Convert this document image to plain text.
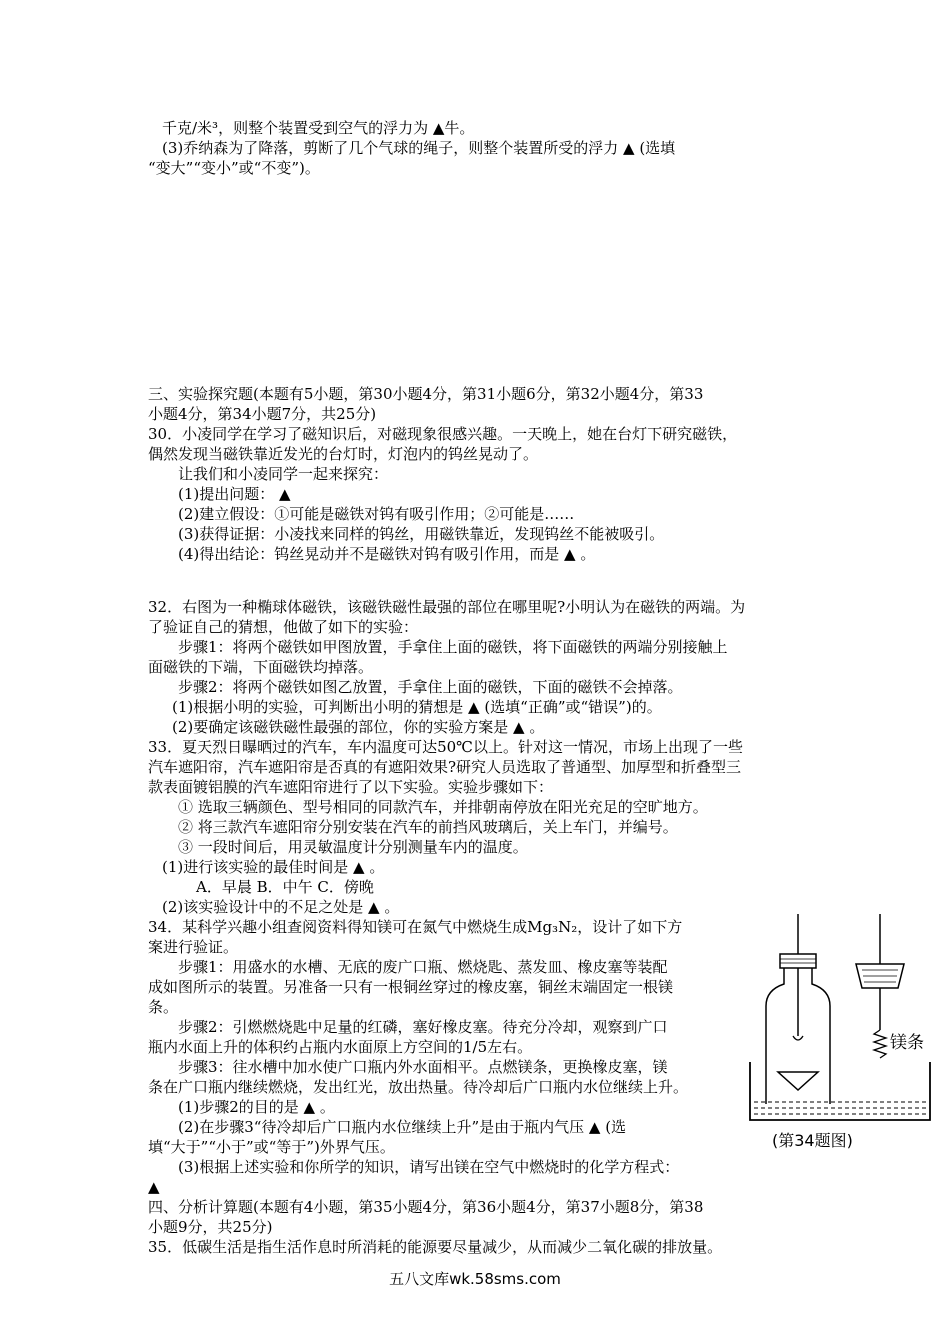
千克/米³，则整个装置受到空气的浮力为 ▲牛。
(3)乔纳森为了降落，剪断了几个气球的绳子，则整个装置所受的浮力 ▲ (选填
“变大”“变小”或“不变”)。
三、实验探究题(本题有5小题，第30小题4分，第31小题6分，第32小题4分，第33
小题4分，第34小题7分，共25分)
30．小凌同学在学习了磁知识后，对磁现象很感兴趣。一天晚上，她在台灯下研究磁铁，
偶然发现当磁铁靠近发光的台灯时，灯泡内的钨丝晃动了。
让我们和小凌同学一起来探究：
(1)提出问题： ▲
(2)建立假设：①可能是磁铁对钨有吸引作用；②可能是……
(3)获得证据：小凌找来同样的钨丝，用磁铁靠近，发现钨丝不能被吸引。
(4)得出结论：钨丝晃动并不是磁铁对钨有吸引作用，而是 ▲ 。
32．右图为一种椭球体磁铁，该磁铁磁性最强的部位在哪里呢?小明认为在磁铁的两端。为
了验证自己的猜想，他做了如下的实验：
步骤1：将两个磁铁如甲图放置，手拿住上面的磁铁，将下面磁铁的两端分别接触上
面磁铁的下端，下面磁铁均掉落。
步骤2：将两个磁铁如图乙放置，手拿住上面的磁铁，下面的磁铁不会掉落。
(1)根据小明的实验，可判断出小明的猜想是 ▲ (选填“正确”或“错误”)的。
(2)要确定该磁铁磁性最强的部位，你的实验方案是 ▲ 。
33．夏天烈日曝晒过的汽车，车内温度可达50℃以上。针对这一情况，市场上出现了一些
汽车遮阳帘，汽车遮阳帘是否真的有遮阳效果?研究人员选取了普通型、加厚型和折叠型三
款表面镀铝膜的汽车遮阳帘进行了以下实验。实验步骤如下：
① 选取三辆颜色、型号相同的同款汽车，并排朝南停放在阳光充足的空旷地方。
② 将三款汽车遮阳帘分别安装在汽车的前挡风玻璃后，关上车门，并编号。
③ 一段时间后，用灵敏温度计分别测量车内的温度。
(1)进行该实验的最佳时间是 ▲ 。
A．早晨 B．中午 C．傍晚
(2)该实验设计中的不足之处是 ▲ 。
34．某科学兴趣小组查阅资料得知镁可在氮气中燃烧生成Mg₃N₂，设计了如下方
案进行验证。
步骤1：用盛水的水槽、无底的废广口瓶、燃烧匙、蒸发皿、橡皮塞等装配
成如图所示的装置。另准备一只有一根铜丝穿过的橡皮塞，铜丝末端固定一根镁
条。
步骤2：引燃燃烧匙中足量的红磷，塞好橡皮塞。待充分冷却，观察到广口
瓶内水面上升的体积约占瓶内水面原上方空间的1/5左右。
步骤3：往水槽中加水使广口瓶内外水面相平。点燃镁条，更换橡皮塞，镁
条在广口瓶内继续燃烧，发出红光，放出热量。待冷却后广口瓶内水位继续上升。
(1)步骤2的目的是 ▲ 。
(2)在步骤3“待冷却后广口瓶内水位继续上升”是由于瓶内气压 ▲ (选
填“大于”“小于”或“等于”)外界气压。
(3)根据上述实验和你所学的知识，请写出镁在空气中燃烧时的化学方程式：
▲
四、分析计算题(本题有4小题，第35小题4分，第36小题4分，第37小题8分，第38
小题9分，共25分)
35．低碳生活是指生活作息时所消耗的能源要尽量减少，从而减少二氧化碳的排放量。
镁条
(第34题图)
五八文库wk.58sms.com
